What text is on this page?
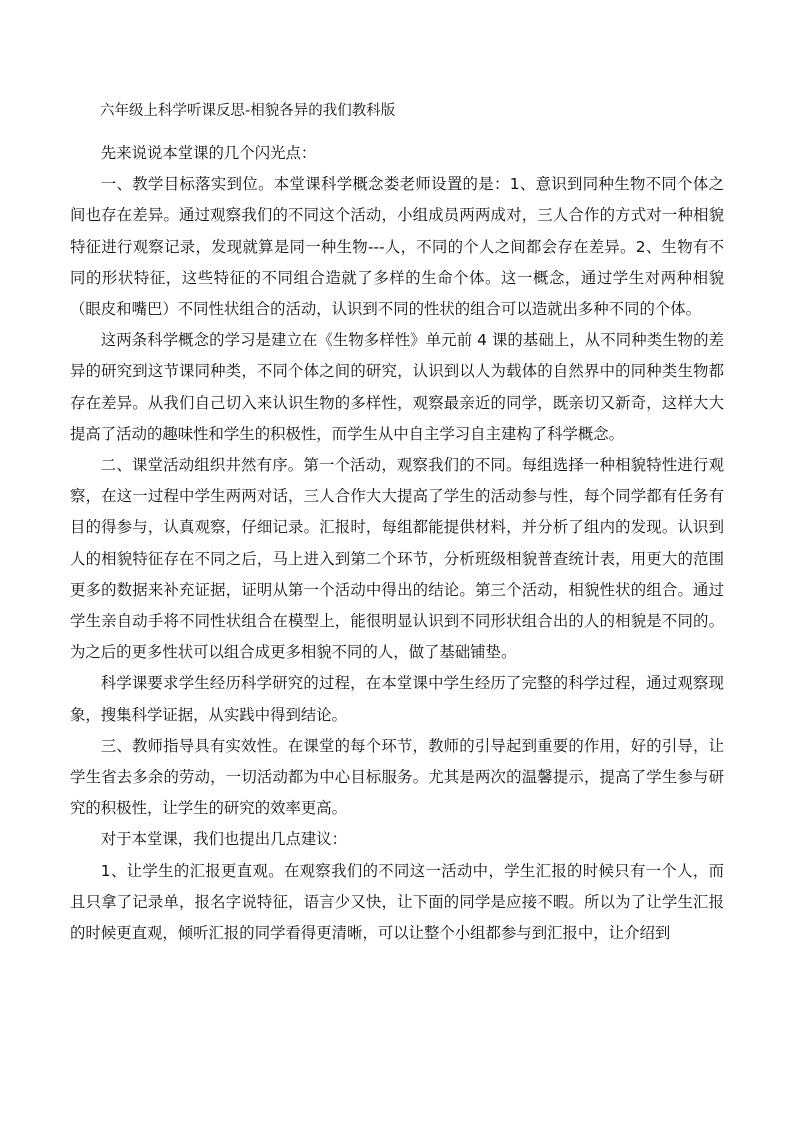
六年级上科学听课反思-相貌各异的我们教科版

先来说说本堂课的几个闪光点：

一、教学目标落实到位。本堂课科学概念娄老师设置的是：1、意识到同种生物不同个体之间也存在差异。通过观察我们的不同这个活动，小组成员两两成对，三人合作的方式对一种相貌特征进行观察记录，发现就算是同一种生物---人，不同的个人之间都会存在差异。2、生物有不同的形状特征，这些特征的不同组合造就了多样的生命个体。这一概念，通过学生对两种相貌（眼皮和嘴巴）不同性状组合的活动，认识到不同的性状的组合可以造就出多种不同的个体。

这两条科学概念的学习是建立在《生物多样性》单元前 4 课的基础上，从不同种类生物的差异的研究到这节课同种类，不同个体之间的研究，认识到以人为载体的自然界中的同种类生物都存在差异。从我们自己切入来认识生物的多样性，观察最亲近的同学，既亲切又新奇，这样大大提高了活动的趣味性和学生的积极性，而学生从中自主学习自主建构了科学概念。

二、课堂活动组织井然有序。第一个活动，观察我们的不同。每组选择一种相貌特性进行观察，在这一过程中学生两两对话，三人合作大大提高了学生的活动参与性，每个同学都有任务有目的得参与，认真观察，仔细记录。汇报时，每组都能提供材料，并分析了组内的发现。认识到人的相貌特征存在不同之后，马上进入到第二个环节，分析班级相貌普查统计表，用更大的范围更多的数据来补充证据，证明从第一个活动中得出的结论。第三个活动，相貌性状的组合。通过学生亲自动手将不同性状组合在模型上，能很明显认识到不同形状组合出的人的相貌是不同的。为之后的更多性状可以组合成更多相貌不同的人，做了基础铺垫。

科学课要求学生经历科学研究的过程，在本堂课中学生经历了完整的科学过程，通过观察现象，搜集科学证据，从实践中得到结论。

三、教师指导具有实效性。在课堂的每个环节，教师的引导起到重要的作用，好的引导，让学生省去多余的劳动，一切活动都为中心目标服务。尤其是两次的温馨提示，提高了学生参与研究的积极性，让学生的研究的效率更高。

对于本堂课，我们也提出几点建议：

1、让学生的汇报更直观。在观察我们的不同这一活动中，学生汇报的时候只有一个人，而且只拿了记录单，报名字说特征，语言少又快，让下面的同学是应接不暇。所以为了让学生汇报的时候更直观，倾听汇报的同学看得更清晰，可以让整个小组都参与到汇报中，让介绍到
